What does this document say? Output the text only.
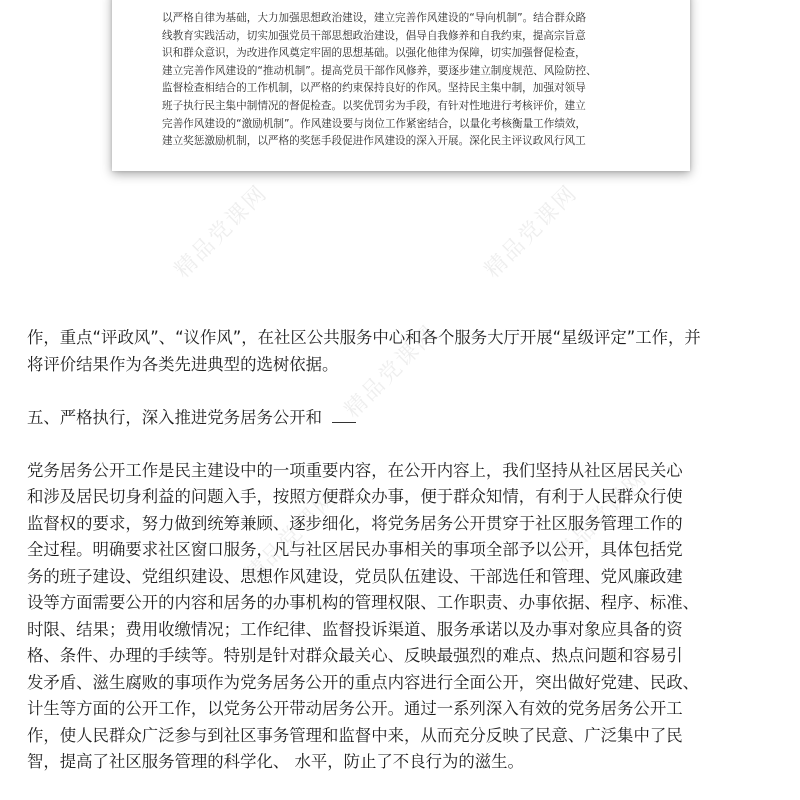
精品党课网	精品党课网
精品党课网
精品党课网	精品党课网
以严格自律为基础，大力加强思想政治建设，建立完善作风建设的“导向机制”。结合群众路
线教育实践活动，切实加强党员干部思想政治建设，倡导自我修养和自我约束，提高宗旨意
识和群众意识，为改进作风奠定牢固的思想基础。以强化他律为保障，切实加强督促检查，
建立完善作风建设的“推动机制”。提高党员干部作风修养，要逐步建立制度规范、风险防控、
监督检查相结合的工作机制，以严格的约束保持良好的作风。坚持民主集中制，加强对领导
班子执行民主集中制情况的督促检查。以奖优罚劣为手段，有针对性地进行考核评价，建立
完善作风建设的“激励机制”。作风建设要与岗位工作紧密结合，以量化考核衡量工作绩效，
建立奖惩激励机制，以严格的奖惩手段促进作风建设的深入开展。深化民主评议政风行风工
作，重点“评政风”、“议作风”，在社区公共服务中心和各个服务大厅开展“星级评定”工作，并
将评价结果作为各类先进典型的选树依据。
五、严格执行，深入推进党务居务公开和
党务居务公开工作是民主建设中的一项重要内容，在公开内容上，我们坚持从社区居民关心
和涉及居民切身利益的问题入手，按照方便群众办事，便于群众知情，有利于人民群众行使
监督权的要求，努力做到统筹兼顾、逐步细化，将党务居务公开贯穿于社区服务管理工作的
全过程。明确要求社区窗口服务，凡与社区居民办事相关的事项全部予以公开，具体包括党
务的班子建设、党组织建设、思想作风建设，党员队伍建设、干部选任和管理、党风廉政建
设等方面需要公开的内容和居务的办事机构的管理权限、工作职责、办事依据、程序、标准、
时限、结果；费用收缴情况；工作纪律、监督投诉渠道、服务承诺以及办事对象应具备的资
格、条件、办理的手续等。特别是针对群众最关心、反映最强烈的难点、热点问题和容易引
发矛盾、滋生腐败的事项作为党务居务公开的重点内容进行全面公开，突出做好党建、民政、
计生等方面的公开工作，以党务公开带动居务公开。通过一系列深入有效的党务居务公开工
作，使人民群众广泛参与到社区事务管理和监督中来，从而充分反映了民意、广泛集中了民
智，提高了社区服务管理的科学化、 水平，防止了不良行为的滋生。
